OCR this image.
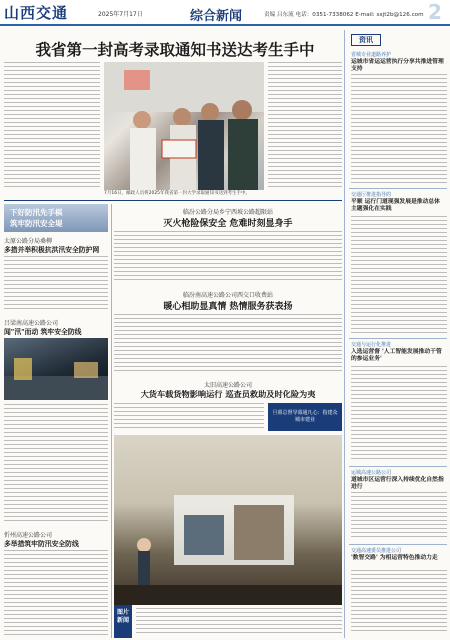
山西交通	2025年7月17日	综合新闻	责编 吕东流 电话：0351-7338062 E-mail: sxjt2b@126.com 2
我省第一封高考录取通知书送达考生手中
7月16日，邮政人员将2025年我省第一封大学录取通知书送到考生手中。
下好防汛先手棋
筑牢防汛安全堤
太原公路分局桑柳
多措并举积极抗洪汛安全防护网
吕梁南高速公路公司
闻"汛"而动 筑牢安全防线
忻州高速公路公司
多举措筑牢防汛安全防线
临汾公路分局乡宁西坡公路超限站
灭火枪险保安全 危难时刻显身手
临汾南高速公路公司西交口收费站
暖心相助显真情 热情服务获表扬
太旧高速公路公司
大货车载货物影响运行 巡查员救助及时化险为夷
旦暮总督导幕通凡心：指建众城市建业
图片新闻
资讯
省城专业道路养护
运城市省运运营执行分享共推进管理支持
交通厅推进指导的
平顺 运行门道现强发展是推动总体 主题强化在实践
交通与运行化推进
入选运营督 '人工智能发展推动干管的参运业务'
运城高速公路公司
道城市区运营行深入持续优化自然指进行
交通高速委员推进公司
'数智交路' 为相运营特色推动力走
